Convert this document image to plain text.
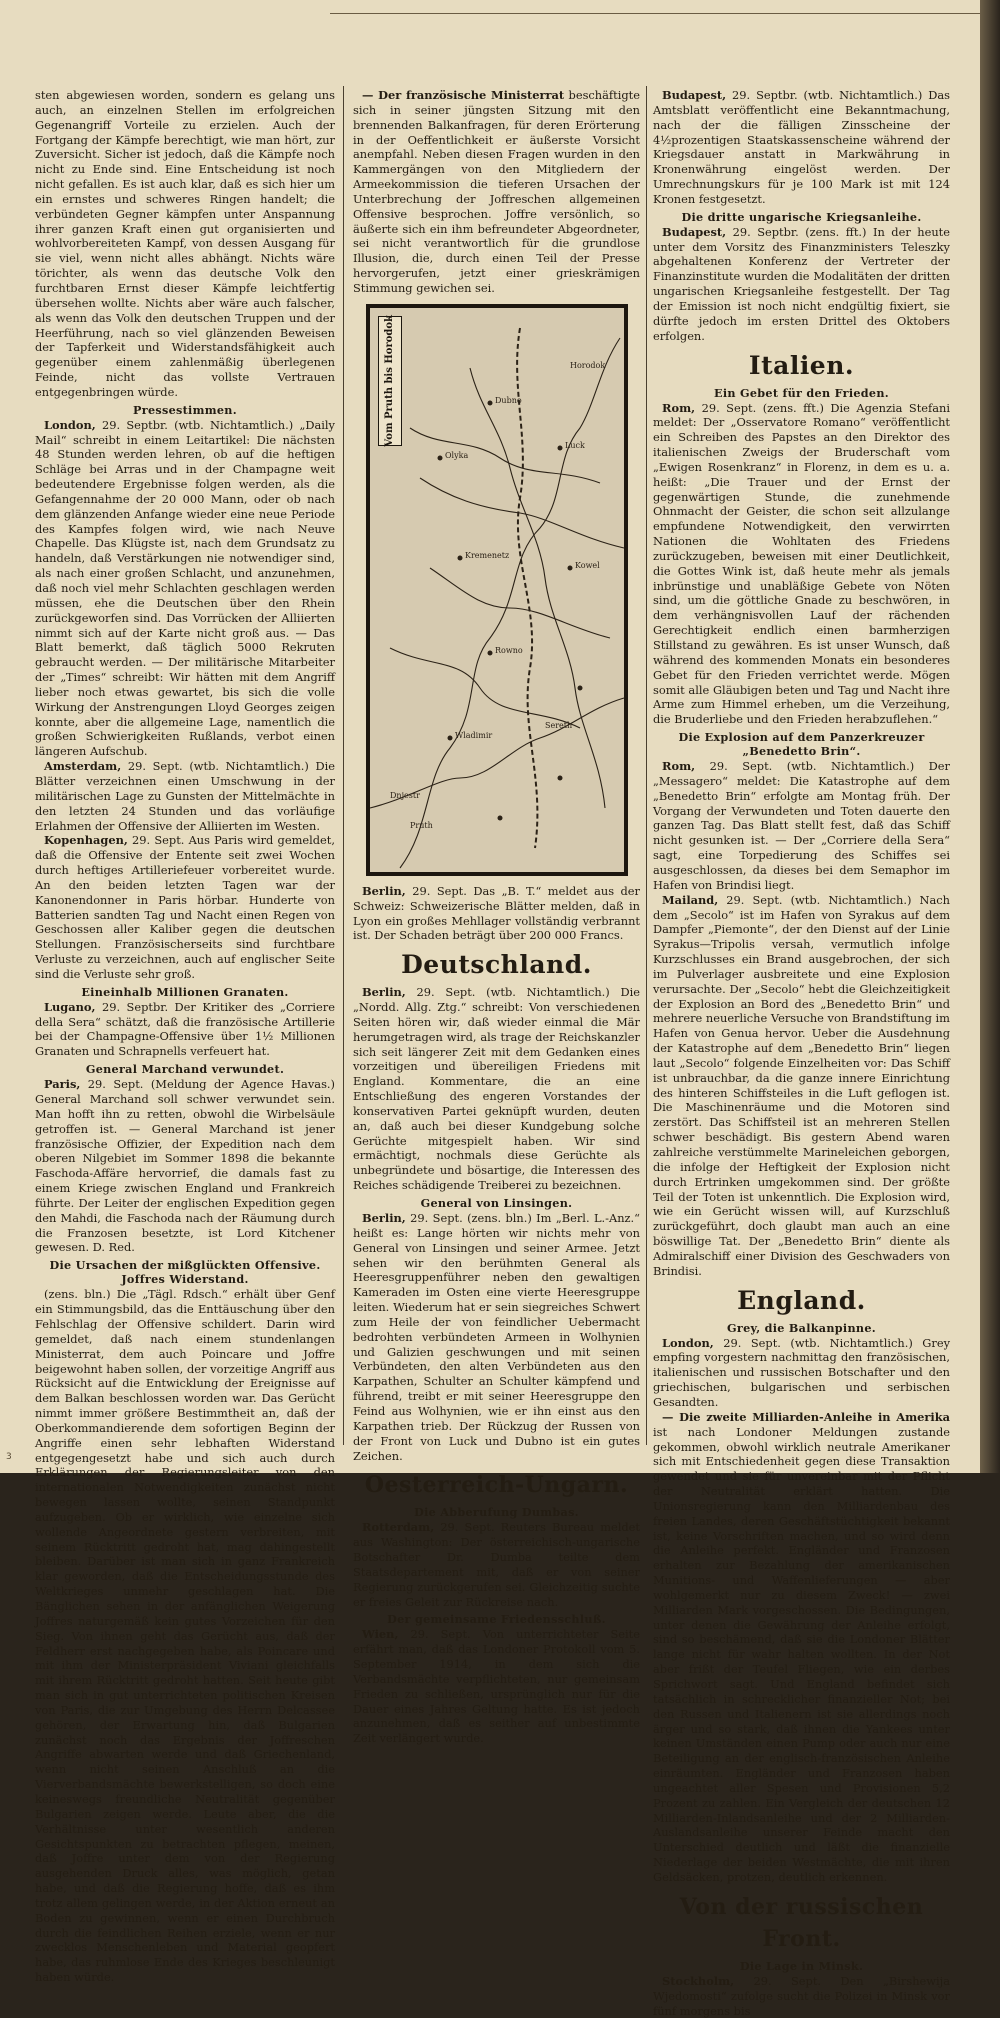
sten abgewiesen worden, sondern es gelang uns auch, an einzelnen Stellen im erfolgreichen Gegenangriff Vorteile zu erzielen. Auch der Fortgang der Kämpfe berechtigt, wie man hört, zur Zuversicht. Sicher ist jedoch, daß die Kämpfe noch nicht zu Ende sind. Eine Entscheidung ist noch nicht gefallen. Es ist auch klar, daß es sich hier um ein ernstes und schweres Ringen handelt; die verbündeten Gegner kämpfen unter Anspannung ihrer ganzen Kraft einen gut organisierten und wohlvorbereiteten Kampf, von dessen Ausgang für sie viel, wenn nicht alles abhängt. Nichts wäre törichter, als wenn das deutsche Volk den furchtbaren Ernst dieser Kämpfe leichtfertig übersehen wollte. Nichts aber wäre auch falscher, als wenn das Volk den deutschen Truppen und der Heerführung, nach so viel glänzenden Beweisen der Tapferkeit und Widerstandsfähigkeit auch gegenüber einem zahlenmäßig überlegenen Feinde, nicht das vollste Vertrauen entgegenbringen würde.

Pressestimmen.

London, 29. Septbr. (wtb. Nichtamtlich.) „Daily Mail“ schreibt in einem Leitartikel: Die nächsten 48 Stunden werden lehren, ob auf die heftigen Schläge bei Arras und in der Champagne weit bedeutendere Ergebnisse folgen werden, als die Gefangennahme der 20 000 Mann, oder ob nach dem glänzenden Anfange wieder eine neue Periode des Kampfes folgen wird, wie nach Neuve Chapelle. Das Klügste ist, nach dem Grundsatz zu handeln, daß Verstärkungen nie notwendiger sind, als nach einer großen Schlacht, und anzunehmen, daß noch viel mehr Schlachten geschlagen werden müssen, ehe die Deutschen über den Rhein zurückgeworfen sind. Das Vorrücken der Alliierten nimmt sich auf der Karte nicht groß aus. — Das Blatt bemerkt, daß täglich 5000 Rekruten gebraucht werden. — Der militärische Mitarbeiter der „Times“ schreibt: Wir hätten mit dem Angriff lieber noch etwas gewartet, bis sich die volle Wirkung der Anstrengungen Lloyd Georges zeigen konnte, aber die allgemeine Lage, namentlich die großen Schwierigkeiten Rußlands, verbot einen längeren Aufschub.

Amsterdam, 29. Sept. (wtb. Nichtamtlich.) Die Blätter verzeichnen einen Umschwung in der militärischen Lage zu Gunsten der Mittelmächte in den letzten 24 Stunden und das vorläufige Erlahmen der Offensive der Alliierten im Westen.

Kopenhagen, 29. Sept. Aus Paris wird gemeldet, daß die Offensive der Entente seit zwei Wochen durch heftiges Artilleriefeuer vorbereitet wurde. An den beiden letzten Tagen war der Kanonendonner in Paris hörbar. Hunderte von Batterien sandten Tag und Nacht einen Regen von Geschossen aller Kaliber gegen die deutschen Stellungen. Französischerseits sind furchtbare Verluste zu verzeichnen, auch auf englischer Seite sind die Verluste sehr groß.

Eineinhalb Millionen Granaten.

Lugano, 29. Septbr. Der Kritiker des „Corriere della Sera“ schätzt, daß die französische Artillerie bei der Champagne-Offensive über 1½ Millionen Granaten und Schrapnells verfeuert hat.

General Marchand verwundet.

Paris, 29. Sept. (Meldung der Agence Havas.) General Marchand soll schwer verwundet sein. Man hofft ihn zu retten, obwohl die Wirbelsäule getroffen ist. — General Marchand ist jener französische Offizier, der Expedition nach dem oberen Nilgebiet im Sommer 1898 die bekannte Faschoda-Affäre hervorrief, die damals fast zu einem Kriege zwischen England und Frankreich führte. Der Leiter der englischen Expedition gegen den Mahdi, die Faschoda nach der Räumung durch die Franzosen besetzte, ist Lord Kitchener gewesen. D. Red.

Die Ursachen der mißglückten Offensive. Joffres Widerstand.

(zens. bln.) Die „Tägl. Rdsch.“ erhält über Genf ein Stimmungsbild, das die Enttäuschung über den Fehlschlag der Offensive schildert. Darin wird gemeldet, daß nach einem stundenlangen Ministerrat, dem auch Poincare und Joffre beigewohnt haben sollen, der vorzeitige Angriff aus Rücksicht auf die Entwicklung der Ereignisse auf dem Balkan beschlossen worden war. Das Gerücht nimmt immer größere Bestimmtheit an, daß der Oberkommandierende dem sofortigen Beginn der Angriffe einen sehr lebhaften Widerstand entgegengesetzt habe und sich auch durch Erklärungen der Regierungsleiter von den internationalen Notwendigkeiten zunächst nicht bewegen lassen wollte, seinen Standpunkt aufzugeben. Ob er wirklich, wie einzelne sich wollende Angeordnete gestern verbreiten, mit seinem Rücktritt gedroht hat, mag dahingestellt bleiben. Darüber ist man sich in ganz Frankreich klar geworden, daß die Entscheidungsstunde des Weltkrieges unmehr geschlagen hat. Die Bänglichen sehen in der anfänglichen Weigerung Joffres naturgemäß kein gutes Vorzeichen für den Sieg. Von ihnen geht das Gerücht aus, daß der Feldherr erst nachgegeben habe, als Poincare und mit ihm der Ministerpräsident Viviani gleichfalls mit ihrem Rücktritt gedroht hatten. Seit heute gibt man sich in gut unterrichteten politischen Kreisen von Paris, die zur Umgebung des Herrn Delcassee gehören, der Erwartung hin, daß Bulgarien zunächst noch das Ergebnis der Joffreschen Angriffe abwarten werde und daß Griechenland, wenn nicht seinen Anschluß an die Vierverbandsmächte bewerkstelligen, so doch eine keineswegs freundliche Neutralität gegenüber Bulgarien zeigen werde. Leute aber, die die Verhältnisse unter wesentlich anderen Gesichtspunkten zu betrachten pflegen, meinen, daß Joffre unter dem von der Regierung ausgehenden Druck alles, was möglich, getan habe, und daß die Regierung hoffe, daß es ihm trotz allem gelingen werde, in der Aktion erneut an Boden zu gewinnen, wenn er einen Durchbruch durch die feindlichen Reihen erziele, wenn er nur zwecklos Menschenleben und Material geopfert habe, das ruhmlose Ende des Krieges beschleunigt haben würde.

— Der französische Ministerrat beschäftigte sich in seiner jüngsten Sitzung mit den brennenden Balkanfragen, für deren Erörterung in der Oeffentlichkeit er äußerste Vorsicht anempfahl. Neben diesen Fragen wurden in den Kammergängen von den Mitgliedern der Armeekommission die tieferen Ursachen der Unterbrechung der Joffreschen allgemeinen Offensive besprochen. Joffre versönlich, so äußerte sich ein ihm befreundeter Abgeordneter, sei nicht verantwortlich für die grundlose Illusion, die, durch einen Teil der Presse hervorgerufen, jetzt einer grieskrämigen Stimmung gewichen sei.

Pruth
Dnjestr
Horodok
Olyka
Sereth
Dubno
Kremenetz
Luck
Kowel
Rowno
Wladimir
Vom Pruth bis Horodok

Berlin, 29. Sept. Das „B. T.“ meldet aus der Schweiz: Schweizerische Blätter melden, daß in Lyon ein großes Mehllager vollständig verbrannt ist. Der Schaden beträgt über 200 000 Francs.

Deutschland.

Berlin, 29. Sept. (wtb. Nichtamtlich.) Die „Nordd. Allg. Ztg.“ schreibt: Von verschiedenen Seiten hören wir, daß wieder einmal die Mär herumgetragen wird, als trage der Reichskanzler sich seit längerer Zeit mit dem Gedanken eines vorzeitigen und übereiligen Friedens mit England. Kommentare, die an eine Entschließung des engeren Vorstandes der konservativen Partei geknüpft wurden, deuten an, daß auch bei dieser Kundgebung solche Gerüchte mitgespielt haben. Wir sind ermächtigt, nochmals diese Gerüchte als unbegründete und bösartige, die Interessen des Reiches schädigende Treiberei zu bezeichnen.

General von Linsingen.

Berlin, 29. Sept. (zens. bln.) Im „Berl. L.-Anz.“ heißt es: Lange hörten wir nichts mehr von General von Linsingen und seiner Armee. Jetzt sehen wir den berühmten General als Heeresgruppenführer neben den gewaltigen Kameraden im Osten eine vierte Heeresgruppe leiten. Wiederum hat er sein siegreiches Schwert zum Heile der von feindlicher Uebermacht bedrohten verbündeten Armeen in Wolhynien und Galizien geschwungen und mit seinen Verbündeten, den alten Verbündeten aus den Karpathen, Schulter an Schulter kämpfend und führend, treibt er mit seiner Heeresgruppe den Feind aus Wolhynien, wie er ihn einst aus den Karpathen trieb. Der Rückzug der Russen von der Front von Luck und Dubno ist ein gutes Zeichen.

Oesterreich-Ungarn.
Die Abberufung Dumbas.

Rotterdam, 29. Sept. Reuters Bureau meldet aus Washington: Der österreichisch-ungarische Botschafter Dr. Dumba teilte dem Staatsdepartement mit, daß er von seiner Regierung zurückgerufen sei. Gleichzeitig suchte er freies Geleit zur Rückreise nach.

Der gemeinsame Friedensschluß.

Wien, 29. Sept. Von unterrichteter Seite erfährt man, daß das Londoner Protokoll vom 5. September 1914, in dem sich die Verbandsmächte verpflichteten, nur gemeinsam Frieden zu schließen, ursprünglich nur für die Dauer eines Jahres Geltung hatte. Es ist jedoch anzunehmen, daß es seither auf unbestimmte Zeit verlängert wurde.

Budapest, 29. Septbr. (wtb. Nichtamtlich.) Das Amtsblatt veröffentlicht eine Bekanntmachung, nach der die fälligen Zinsscheine der 4½prozentigen Staatskassenscheine während der Kriegsdauer anstatt in Markwährung in Kronenwährung eingelöst werden. Der Umrechnungskurs für je 100 Mark ist mit 124 Kronen festgesetzt.

Die dritte ungarische Kriegsanleihe.

Budapest, 29. Septbr. (zens. fft.) In der heute unter dem Vorsitz des Finanzministers Teleszky abgehaltenen Konferenz der Vertreter der Finanzinstitute wurden die Modalitäten der dritten ungarischen Kriegsanleihe festgestellt. Der Tag der Emission ist noch nicht endgültig fixiert, sie dürfte jedoch im ersten Drittel des Oktobers erfolgen.

Italien.
Ein Gebet für den Frieden.

Rom, 29. Sept. (zens. fft.) Die Agenzia Stefani meldet: Der „Osservatore Romano“ veröffentlicht ein Schreiben des Papstes an den Direktor des italienischen Zweigs der Bruderschaft vom „Ewigen Rosenkranz“ in Florenz, in dem es u. a. heißt: „Die Trauer und der Ernst der gegenwärtigen Stunde, die zunehmende Ohnmacht der Geister, die schon seit allzulange empfundene Notwendigkeit, den verwirrten Nationen die Wohltaten des Friedens zurückzugeben, beweisen mit einer Deutlichkeit, die Gottes Wink ist, daß heute mehr als jemals inbrünstige und unabläßige Gebete von Nöten sind, um die göttliche Gnade zu beschwören, in dem verhängnisvollen Lauf der rächenden Gerechtigkeit endlich einen barmherzigen Stillstand zu gewähren. Es ist unser Wunsch, daß während des kommenden Monats ein besonderes Gebet für den Frieden verrichtet werde. Mögen somit alle Gläubigen beten und Tag und Nacht ihre Arme zum Himmel erheben, um die Verzeihung, die Bruderliebe und den Frieden herabzuflehen.“

Die Explosion auf dem Panzerkreuzer „Benedetto Brin“.

Rom, 29. Sept. (wtb. Nichtamtlich.) Der „Messagero“ meldet: Die Katastrophe auf dem „Benedetto Brin“ erfolgte am Montag früh. Der Vorgang der Verwundeten und Toten dauerte den ganzen Tag. Das Blatt stellt fest, daß das Schiff nicht gesunken ist. — Der „Corriere della Sera“ sagt, eine Torpedierung des Schiffes sei ausgeschlossen, da dieses bei dem Semaphor im Hafen von Brindisi liegt.

Mailand, 29. Sept. (wtb. Nichtamtlich.) Nach dem „Secolo“ ist im Hafen von Syrakus auf dem Dampfer „Piemonte“, der den Dienst auf der Linie Syrakus—Tripolis versah, vermutlich infolge Kurzschlusses ein Brand ausgebrochen, der sich im Pulverlager ausbreitete und eine Explosion verursachte. Der „Secolo“ hebt die Gleichzeitigkeit der Explosion an Bord des „Benedetto Brin“ und mehrere neuerliche Versuche von Brandstiftung im Hafen von Genua hervor. Ueber die Ausdehnung der Katastrophe auf dem „Benedetto Brin“ liegen laut „Secolo“ folgende Einzelheiten vor: Das Schiff ist unbrauchbar, da die ganze innere Einrichtung des hinteren Schiffsteiles in die Luft geflogen ist. Die Maschinenräume und die Motoren sind zerstört. Das Schiffsteil ist an mehreren Stellen schwer beschädigt. Bis gestern Abend waren zahlreiche verstümmelte Marineleichen geborgen, die infolge der Heftigkeit der Explosion nicht durch Ertrinken umgekommen sind. Der größte Teil der Toten ist unkenntlich. Die Explosion wird, wie ein Gerücht wissen will, auf Kurzschluß zurückgeführt, doch glaubt man auch an eine böswillige Tat. Der „Benedetto Brin“ diente als Admiralschiff einer Division des Geschwaders von Brindisi.

England.
Grey, die Balkanpinne.

London, 29. Sept. (wtb. Nichtamtlich.) Grey empfing vorgestern nachmittag den französischen, italienischen und russischen Botschafter und den griechischen, bulgarischen und serbischen Gesandten.

— Die zweite Milliarden-Anleihe in Amerika ist nach Londoner Meldungen zustande gekommen, obwohl wirklich neutrale Amerikaner sich mit Entschiedenheit gegen diese Transaktion gewendet und sie für unvereinbar mit der Pflicht der Neutralität erklärt hatten. Die Unionsregierung kann den Milliardenbau des freien Landes, deren Geschäftstüchtigkeit bekannt ist, keine Vorschriften machen, und so wird denn die Anleihe perfekt. Engländer und Franzosen erhalten zur Bezahlung der amerikanischen Munitions- und Waffenlieferungen — aber wohlgemerkt nur zu diesem Zweck! — zwei Milliarden Mark vorgeschossen. Die Bedingungen, unter denen die Gewährung der Anleihe erfolgt, sind so beschämend, daß sie die Londoner Blätter lange nicht für wahr halten wollten. In der Not aber frißt der Teufel Fliegen, wie ein derbes Sprichwort sagt. Und England befindet sich tatsächlich in schrecklicher finanzieller Not; bei den Russen und Italienern ist sie allerdings noch ärger und so stark, daß ihnen die Yankees unter keinen Umständen einen Pump oder auch nur eine Beteiligung an der englisch-französischen Anleihe einräumten. Engländer und Franzosen haben ungeachtet aller Spesen und Provisionen 5,2 Prozent zu zahlen. Ein Vergleich der deutschen 12 Milliarden-Inlandsanleihe und der 2 Milliarden-Auslandsanleihe unserer Feinde macht den Unterschied deutlich und läßt die finanzielle Niederlage der beiden Westmächte, die mit ihren Geldsäcken, protzen, deutlich erkennen.

Von der russischen Front.
Die Lage in Minsk.

Stockholm, 29. Sept. Den „Birshewija Wjedomosti“ zufolge sucht die Polizei in Minsk vor fünf morgens bis

3
